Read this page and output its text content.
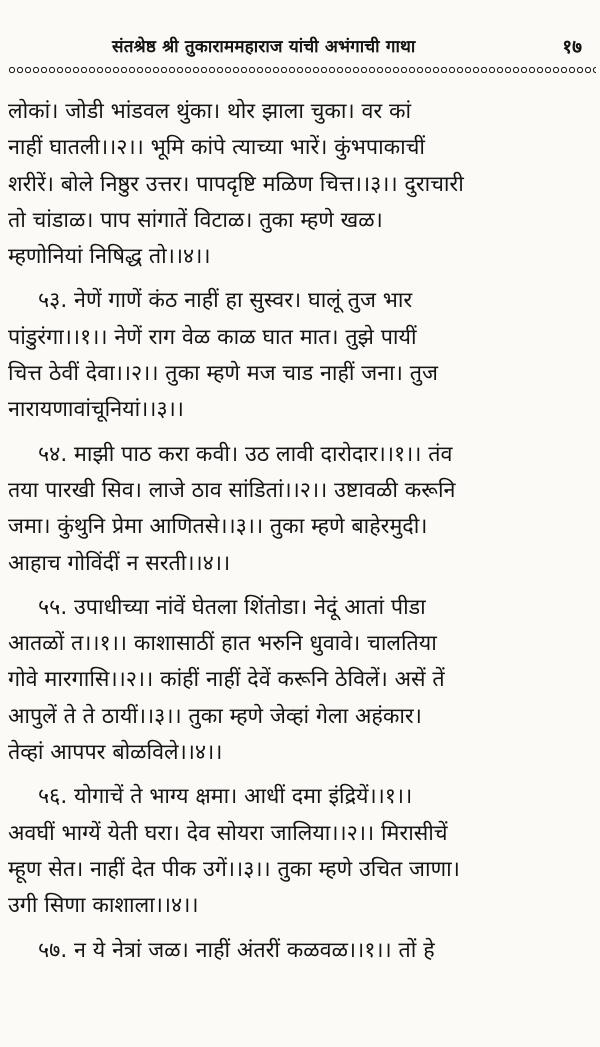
संतश्रेष्ठ श्री तुकाराममहाराज यांची अभंगाची गाथा	१७
लोकां। जोडी भांडवल थुंका। थोर झाला चुका। वर कां
नाहीं घातली।।२।। भूमि कांपे त्याच्या भारें। कुंभपाकाचीं
शरीरें। बोले निष्ठुर उत्तर। पापदृष्टि मळिण चित्त।।३।। दुराचारी
तो चांडाळ। पाप सांगातें विटाळ। तुका म्हणे खळ।
म्हणोनियां निषिद्ध तो।।४।।
५३. नेणें गाणें कंठ नाहीं हा सुस्वर। घालूं तुज भार
पांडुरंगा।।१।। नेणें राग वेळ काळ घात मात। तुझे पायीं
चित्त ठेवीं देवा।।२।। तुका म्हणे मज चाड नाहीं जना। तुज
नारायणावांचूनियां।।३।।
५४. माझी पाठ करा कवी। उठ लावी दारोदार।।१।। तंव
तया पारखी सिव। लाजे ठाव सांडितां।।२।। उष्टावळी करूनि
जमा। कुंथुनि प्रेमा आणितसे।।३।। तुका म्हणे बाहेरमुदी।
आहाच गोविंदीं न सरती।।४।।
५५. उपाधीच्या नांवें घेतला शिंतोडा। नेदूं आतां पीडा
आतळों त।।१।। काशासाठीं हात भरुनि धुवावे। चालतिया
गोवे मारगासि।।२।। कांहीं नाहीं देवें करूनि ठेविलें। असें तें
आपुलें ते ते ठायीं।।३।। तुका म्हणे जेव्हां गेला अहंकार।
तेव्हां आपपर बोळविले।।४।।
५६. योगाचें ते भाग्य क्षमा। आधीं दमा इंद्रियें।।१।।
अवघीं भाग्यें येती घरा। देव सोयरा जालिया।।२।। मिरासीचें
म्हूण सेत। नाहीं देत पीक उगें।।३।। तुका म्हणे उचित जाणा।
उगी सिणा काशाला।।४।।
५७. न ये नेत्रां जळ। नाहीं अंतरीं कळवळ।।१।। तों हे
